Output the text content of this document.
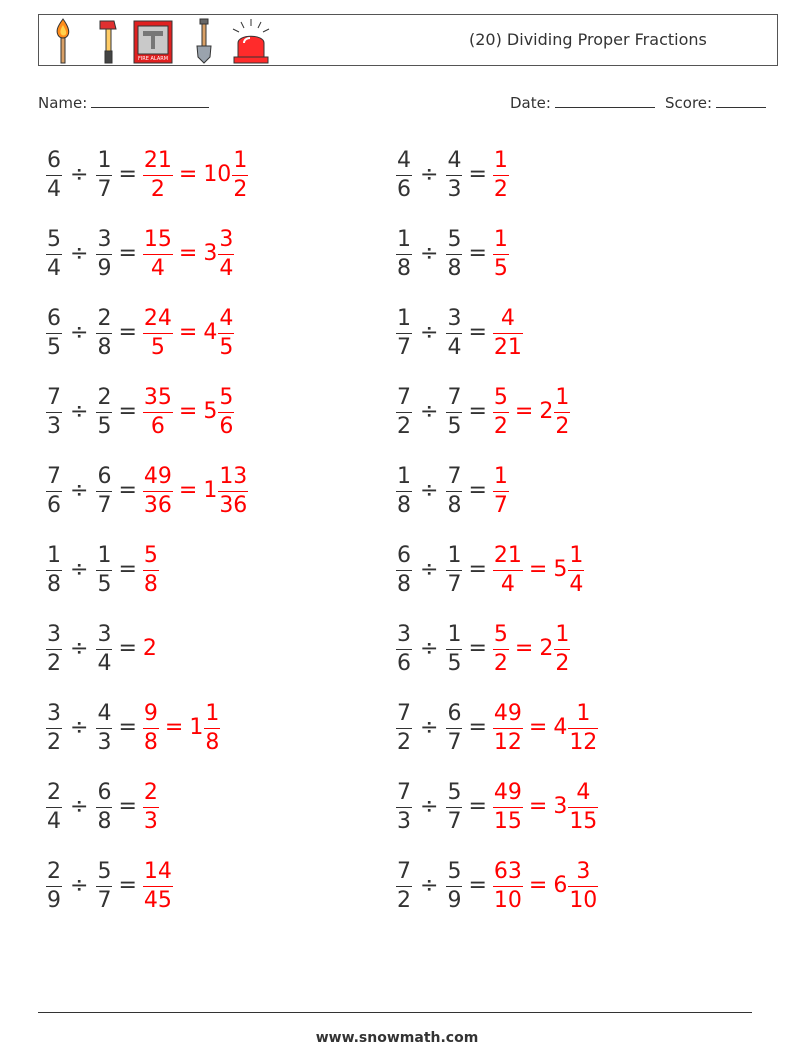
FIRE ALARM
(20) Dividing Proper Fractions
Name:	Date:	Score:
$\frac{6}{4} \div \frac{1}{7} = \frac{21}{2} = 10 \frac{1}{2}$	$\frac{4}{6} \div \frac{4}{3} = \frac{1}{2}$
$\frac{5}{4} \div \frac{3}{9} = \frac{15}{4} = 3 \frac{3}{4}$	$\frac{1}{8} \div \frac{5}{8} = \frac{1}{5}$
$\frac{6}{5} \div \frac{2}{8} = \frac{24}{5} = 4 \frac{4}{5}$	$\frac{1}{7} \div \frac{3}{4} = \frac{4}{21}$
$\frac{7}{3} \div \frac{2}{5} = \frac{35}{6} = 5 \frac{5}{6}$	$\frac{7}{2} \div \frac{7}{5} = \frac{5}{2} = 2 \frac{1}{2}$
$\frac{7}{6} \div \frac{6}{7} = \frac{49}{36} = 1 \frac{13}{36}$	$\frac{1}{8} \div \frac{7}{8} = \frac{1}{7}$
$\frac{1}{8} \div \frac{1}{5} = \frac{5}{8}$	$\frac{6}{8} \div \frac{1}{7} = \frac{21}{4} = 5 \frac{1}{4}$
$\frac{3}{2} \div \frac{3}{4} = 2$	$\frac{3}{6} \div \frac{1}{5} = \frac{5}{2} = 2 \frac{1}{2}$
$\frac{3}{2} \div \frac{4}{3} = \frac{9}{8} = 1 \frac{1}{8}$	$\frac{7}{2} \div \frac{6}{7} = \frac{49}{12} = 4 \frac{1}{12}$
$\frac{2}{4} \div \frac{6}{8} = \frac{2}{3}$	$\frac{7}{3} \div \frac{5}{7} = \frac{49}{15} = 3 \frac{4}{15}$
$\frac{2}{9} \div \frac{5}{7} = \frac{14}{45}$	$\frac{7}{2} \div \frac{5}{9} = \frac{63}{10} = 6 \frac{3}{10}$
www.snowmath.com
